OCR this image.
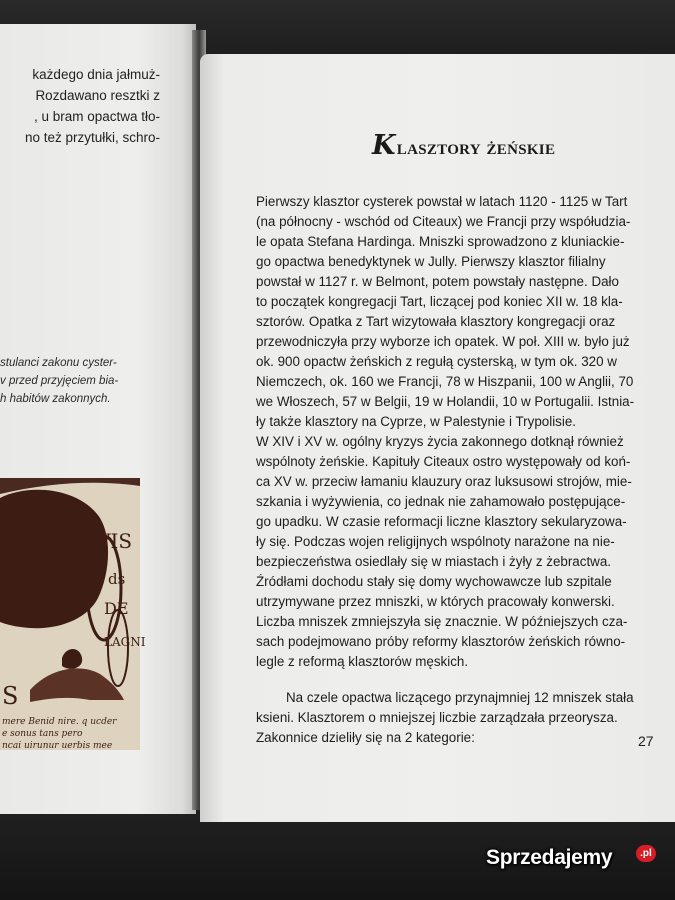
każdego dnia jałmuż-
Rozdawano resztki z
, u bram opactwa tło-
no też przytułki, schro-
stulanci zakonu cyster-
v przed przyjęciem bia-
h habitów zakonnych.
VIS
ds
DE
LAGNI
S
mere Benid nire. q ucder
e sonus tans pero
ncai uirunur uerbis mee
Klasztory żeńskie
Pierwszy klasztor cysterek powstał w latach 1120 - 1125 w Tart
(na północny - wschód od Citeaux) we Francji przy współudzia-
le opata Stefana Hardinga. Mniszki sprowadzono z kluniackie-
go opactwa benedyktynek w Jully. Pierwszy klasztor filialny
powstał w 1127 r. w Belmont, potem powstały następne. Dało
to początek kongregacji Tart, liczącej pod koniec XII w. 18 kla-
sztorów. Opatka z Tart wizytowała klasztory kongregacji oraz
przewodniczyła przy wyborze ich opatek. W poł. XIII w. było już
ok. 900 opactw żeńskich z regułą cysterską, w tym ok. 320 w
Niemczech, ok. 160 we Francji, 78 w Hiszpanii, 100 w Anglii, 70
we Włoszech, 57 w Belgii, 19 w Holandii, 10 w Portugalii. Istnia-
ły także klasztory na Cyprze, w Palestynie i Trypolisie.
W XIV i XV w. ogólny kryzys życia zakonnego dotknął również
wspólnoty żeńskie. Kapituły Citeaux ostro występowały od koń-
ca XV w. przeciw łamaniu klauzury oraz luksusowi strojów, mie-
szkania i wyżywienia, co jednak nie zahamowało postępujące-
go upadku. W czasie reformacji liczne klasztory sekularyzowa-
ły się. Podczas wojen religijnych wspólnoty narażone na nie-
bezpieczeństwa osiedlały się w miastach i żyły z żebractwa.
Źródłami dochodu stały się domy wychowawcze lub szpitale
utrzymywane przez mniszki, w których pracowały konwerski.
Liczba mniszek zmniejszyła się znacznie. W późniejszych cza-
sach podejmowano próby reformy klasztorów żeńskich równo-
legle z reformą klasztorów męskich.
Na czele opactwa liczącego przynajmniej 12 mniszek stała
ksieni. Klasztorem o mniejszej liczbie zarządzała przeorysza.
Zakonnice dzieliły się na 2 kategorie:	27
Sprzedajemy	.pl
